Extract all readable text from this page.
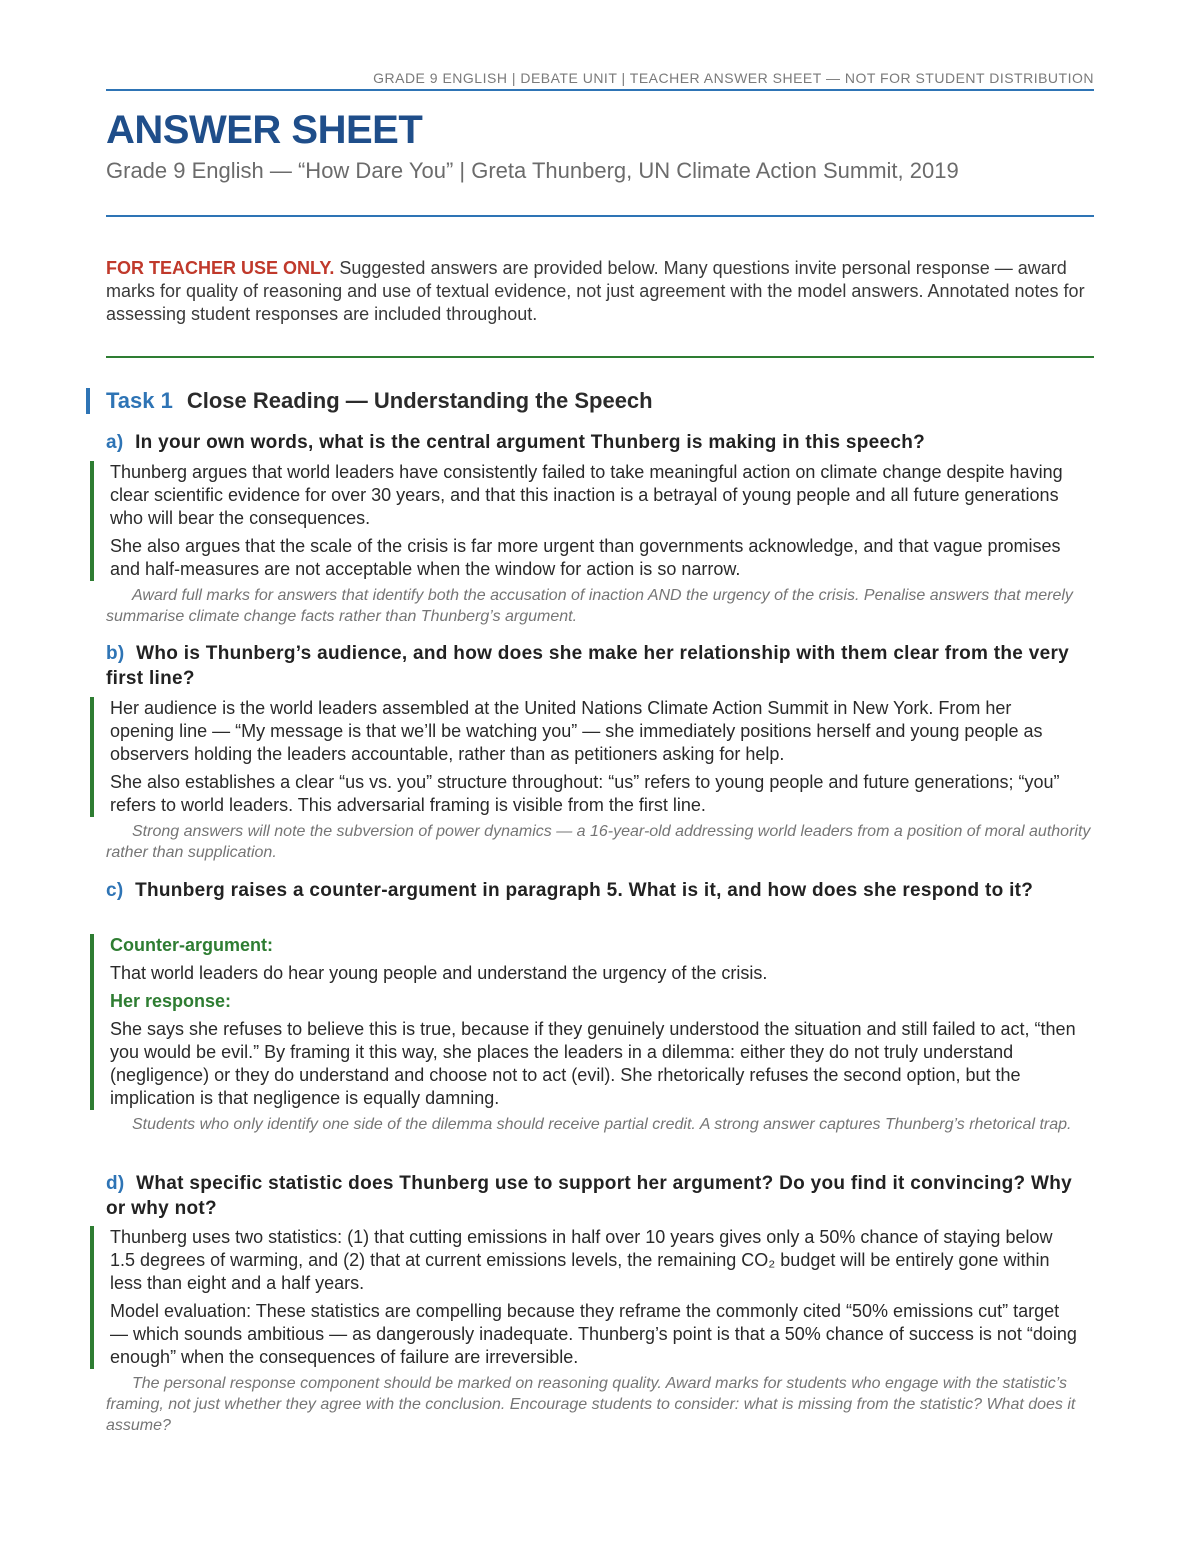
GRADE 9 ENGLISH | DEBATE UNIT | TEACHER ANSWER SHEET — NOT FOR STUDENT DISTRIBUTION
ANSWER SHEET
Grade 9 English — “How Dare You” | Greta Thunberg, UN Climate Action Summit, 2019
FOR TEACHER USE ONLY. Suggested answers are provided below. Many questions invite personal response — award marks for quality of reasoning and use of textual evidence, not just agreement with the model answers. Annotated notes for assessing student responses are included throughout.
Task 1 Close Reading — Understanding the Speech
a) In your own words, what is the central argument Thunberg is making in this speech?

Thunberg argues that world leaders have consistently failed to take meaningful action on climate change despite having clear scientific evidence for over 30 years, and that this inaction is a betrayal of young people and all future generations who will bear the consequences.

She also argues that the scale of the crisis is far more urgent than governments acknowledge, and that vague promises and half-measures are not acceptable when the window for action is so narrow.

Award full marks for answers that identify both the accusation of inaction AND the urgency of the crisis. Penalise answers that merely summarise climate change facts rather than Thunberg’s argument.
b) Who is Thunberg’s audience, and how does she make her relationship with them clear from the very first line?

Her audience is the world leaders assembled at the United Nations Climate Action Summit in New York. From her opening line — “My message is that we’ll be watching you” — she immediately positions herself and young people as observers holding the leaders accountable, rather than as petitioners asking for help.

She also establishes a clear “us vs. you” structure throughout: “us” refers to young people and future generations; “you” refers to world leaders. This adversarial framing is visible from the first line.

Strong answers will note the subversion of power dynamics — a 16-year-old addressing world leaders from a position of moral authority rather than supplication.
c) Thunberg raises a counter-argument in paragraph 5. What is it, and how does she respond to it?

Counter-argument:

That world leaders do hear young people and understand the urgency of the crisis.

Her response:

She says she refuses to believe this is true, because if they genuinely understood the situation and still failed to act, “then you would be evil.” By framing it this way, she places the leaders in a dilemma: either they do not truly understand (negligence) or they do understand and choose not to act (evil). She rhetorically refuses the second option, but the implication is that negligence is equally damning.

Students who only identify one side of the dilemma should receive partial credit. A strong answer captures Thunberg’s rhetorical trap.
d) What specific statistic does Thunberg use to support her argument? Do you find it convincing? Why or why not?

Thunberg uses two statistics: (1) that cutting emissions in half over 10 years gives only a 50% chance of staying below 1.5 degrees of warming, and (2) that at current emissions levels, the remaining CO₂ budget will be entirely gone within less than eight and a half years.

Model evaluation: These statistics are compelling because they reframe the commonly cited “50% emissions cut” target — which sounds ambitious — as dangerously inadequate. Thunberg’s point is that a 50% chance of success is not “doing enough” when the consequences of failure are irreversible.

The personal response component should be marked on reasoning quality. Award marks for students who engage with the statistic’s framing, not just whether they agree with the conclusion. Encourage students to consider: what is missing from the statistic? What does it assume?
